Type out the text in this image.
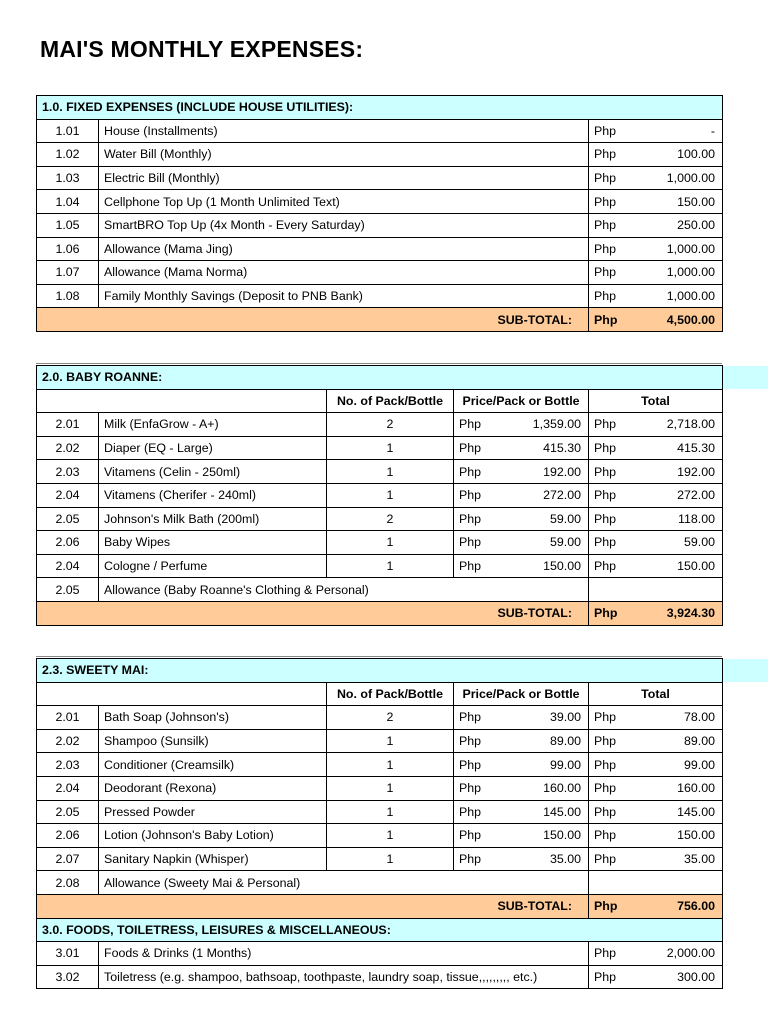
MAI'S MONTHLY EXPENSES:
1.0. FIXED EXPENSES (INCLUDE HOUSE UTILITIES):			
1.01	House (Installments)	Php	-
1.02	Water Bill (Monthly)	Php	100.00
1.03	Electric Bill (Monthly)	Php	1,000.00
1.04	Cellphone Top Up (1 Month Unlimited Text)	Php	150.00
1.05	SmartBRO Top Up (4x Month - Every Saturday)	Php	250.00
1.06	Allowance (Mama Jing)	Php	1,000.00
1.07	Allowance (Mama Norma)	Php	1,000.00
1.08	Family Monthly Savings (Deposit to PNB Bank)	Php	1,000.00
SUB-TOTAL:		Php	4,500.00
2.0. BABY ROANNE:						
		No. of Pack/Bottle	Price/Pack or Bottle		Total	
2.01	Milk (EnfaGrow - A+)	2	Php	1,359.00	Php	2,718.00
2.02	Diaper (EQ - Large)	1	Php	415.30	Php	415.30
2.03	Vitamens (Celin - 250ml)	1	Php	192.00	Php	192.00
2.04	Vitamens (Cherifer - 240ml)	1	Php	272.00	Php	272.00
2.05	Johnson's Milk Bath (200ml)	2	Php	59.00	Php	118.00
2.06	Baby Wipes	1	Php	59.00	Php	59.00
2.04	Cologne / Perfume	1	Php	150.00	Php	150.00
2.05	Allowance (Baby Roanne's Clothing & Personal)					
SUB-TOTAL:					Php	3,924.30
2.3. SWEETY MAI:						
		No. of Pack/Bottle	Price/Pack or Bottle		Total	
2.01	Bath Soap (Johnson's)	2	Php	39.00	Php	78.00
2.02	Shampoo (Sunsilk)	1	Php	89.00	Php	89.00
2.03	Conditioner (Creamsilk)	1	Php	99.00	Php	99.00
2.04	Deodorant (Rexona)	1	Php	160.00	Php	160.00
2.05	Pressed Powder	1	Php	145.00	Php	145.00
2.06	Lotion (Johnson's Baby Lotion)	1	Php	150.00	Php	150.00
2.07	Sanitary Napkin (Whisper)	1	Php	35.00	Php	35.00
2.08	Allowance (Sweety Mai & Personal)					
SUB-TOTAL:					Php	756.00
3.0. FOODS, TOILETRESS, LEISURES & MISCELLANEOUS:						
3.01	Foods & Drinks (1 Months)				Php	2,000.00
3.02	Toiletress (e.g. shampoo, bathsoap, toothpaste, laundry soap, tissue,,,,,,,,, etc.)				Php	300.00
